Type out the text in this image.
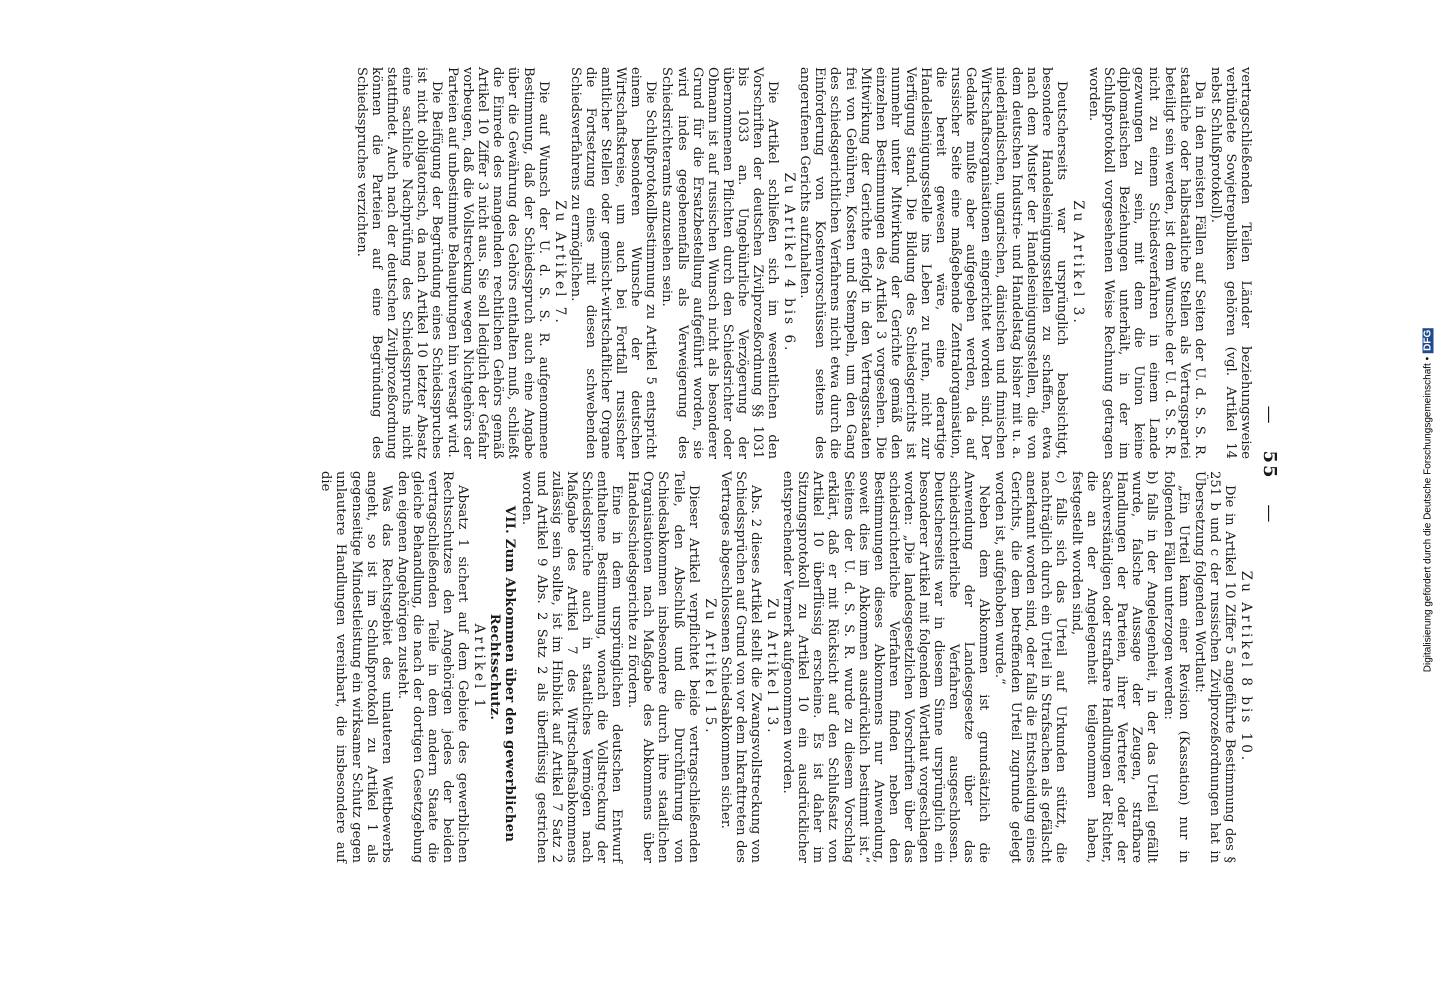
—   55   —

vertragschließenden Teilen Länder beziehungsweise verbündete Sowjetrepubliken gehören (vgl. Artikel 14 nebst Schlußprotokoll).

Da in den meisten Fällen auf Seiten der U. d. S. S. R. staatliche oder halbstaatliche Stellen als Vertragspartei beteiligt sein werden, ist dem Wunsche der U. d. S. S. R. nicht zu einem Schiedsverfahren in einem Lande gezwungen zu sein, mit dem die Union keine diplomatischen Beziehungen unterhält, in der im Schlußprotokoll vorgesehenen Weise Rechnung getragen worden.

Zu Artikel 3.

Deutscherseits war ursprünglich beabsichtigt, besondere Handelseinigungsstellen zu schaffen, etwa nach dem Muster der Handelseinigungsstellen, die von dem deutschen Industrie- und Handelstag bisher mit u. a. niederländischen, ungarischen, dänischen und finnischen Wirtschaftsorganisationen eingerichtet worden sind. Der Gedanke mußte aber aufgegeben werden, da auf russischer Seite eine maßgebende Zentralorganisation, die bereit gewesen wäre, eine derartige Handelseinigungsstelle ins Leben zu rufen, nicht zur Verfügung stand. Die Bildung des Schiedsgerichts ist nunmehr unter Mitwirkung der Gerichte gemäß den einzelnen Bestimmungen des Artikel 3 vorgesehen. Die Mitwirkung der Gerichte erfolgt in den Vertragsstaaten frei von Gebühren, Kosten und Stempeln, um den Gang des schiedsgerichtlichen Verfahrens nicht etwa durch die Einforderung von Kostenvorschüssen seitens des angerufenen Gerichts aufzuhalten.

Zu Artikel 4 bis 6.

Die Artikel schließen sich im wesentlichen den Vorschriften der deutschen Zivilprozeßordnung §§ 1031 bis 1033 an. Ungebührliche Verzögerung der übernommenen Pflichten durch den Schiedsrichter oder Obmann ist auf russischen Wunsch nicht als besonderer Grund für die Ersatzbestellung aufgeführt worden, sie wird indes gegebenenfalls als Verweigerung des Schiedsrichteramts anzusehen sein.

Die Schlußprotokollbestimmung zu Artikel 5 entspricht einem besonderen Wunsche der deutschen Wirtschaftskreise, um auch bei Fortfall russischer amtlicher Stellen oder gemischt-wirtschaftlicher Organe die Fortsetzung eines mit diesen schwebenden Schiedsverfahrens zu ermöglichen.

Zu Artikel 7.

Die auf Wunsch der U. d. S. S. R. aufgenommene Bestimmung, daß der Schiedsspruch auch eine Angabe über die Gewährung des Gehörs enthalten muß, schließt die Einrede des mangelnden rechtlichen Gehörs gemäß Artikel 10 Ziffer 3 nicht aus. Sie soll lediglich der Gefahr vorbeugen, daß die Vollstreckung wegen Nichtgehörs der Parteien auf unbestimmte Behauptungen hin versagt wird.

Die Beifügung der Begründung eines Schiedsspruches ist nicht obligatorisch, da nach Artikel 10 letzter Absatz eine sachliche Nachprüfung des Schiedsspruchs nicht stattfindet. Auch nach der deutschen Zivilprozeßordnung können die Parteien auf eine Begründung des Schiedsspruches verzichten.

Zu Artikel 8 bis 10.

Die in Artikel 10 Ziffer 5 angeführte Bestimmung des § 251 b und c der russischen Zivilprozeßordnungen hat in Übersetzung folgenden Wortlaut:

„Ein Urteil kann einer Revision (Kassation) nur in folgenden Fällen unterzogen werden:

b) falls in der Angelegenheit, in der das Urteil gefällt wurde, falsche Aussage der Zeugen, strafbare Handlungen der Parteien, ihrer Vertreter oder der Sachverständigen oder strafbare Handlungen der Richter, die an der Angelegenheit teilgenommen haben, festgestellt worden sind,

c) falls sich das Urteil auf Urkunden stützt, die nachträglich durch ein Urteil in Strafsachen als gefälscht anerkannt worden sind, oder falls die Entscheidung eines Gerichts, die dem betreffenden Urteil zugrunde gelegt worden ist, aufgehoben wurde.“

Neben dem Abkommen ist grundsätzlich die Anwendung der Landesgesetze über das schiedsrichterliche Verfahren ausgeschlossen. Deutscherseits war in diesem Sinne ursprünglich ein besonderer Artikel mit folgendem Wortlaut vorgeschlagen worden: „Die landesgesetzlichen Vorschriften über das schiedsrichterliche Verfahren finden neben den Bestimmungen dieses Abkommens nur Anwendung, soweit dies im Abkommen ausdrücklich bestimmt ist.“ Seitens der U. d. S. S. R. wurde zu diesem Vorschlag erklärt, daß er mit Rücksicht auf den Schlußsatz von Artikel 10 überflüssig erscheine. Es ist daher im Sitzungsprotokoll zu Artikel 10 ein ausdrücklicher entsprechender Vermerk aufgenommen worden.

Zu Artikel 13.

Abs. 2 dieses Artikel stellt die Zwangsvollstreckung von Schiedssprüchen auf Grund von vor dem Inkrafttreten des Vertrages abgeschlossenen Schiedsabkommen sicher.

Zu Artikel 15.

Dieser Artikel verpflichtet beide vertragschließenden Teile, den Abschluß und die Durchführung von Schiedsabkommen insbesondere durch ihre staatlichen Organisationen nach Maßgabe des Abkommens über Handelsschiedsgerichte zu fördern.

Eine in dem ursprünglichen deutschen Entwurf enthaltene Bestimmung, wonach die Vollstreckung der Schiedssprüche auch in staatliches Vermögen nach Maßgabe des Artikel 7 des Wirtschaftsabkommens zulässig sein sollte, ist im Hinblick auf Artikel 7 Satz 2 und Artikel 9 Abs. 2 Satz 2 als überflüssig gestrichen worden.

VII. Zum Abkommen über den gewerblichen Rechtsschutz.

Artikel 1

Absatz 1 sichert auf dem Gebiete des gewerblichen Rechtsschutzes den Angehörigen jedes der beiden vertragschließenden Teile in dem andern Staate die gleiche Behandlung, die nach der dortigen Gesetzgebung den eigenen Angehörigen zusteht.

Was das Rechtsgebiet des unlauteren Wettbewerbs angeht, so ist im Schlußprotokoll zu Artikel 1 als gegenseitige Mindestleistung ein wirksamer Schutz gegen unlautere Handlungen vereinbart, die insbesondere auf die	Digitalisierung gefördert durch die Deutsche Forschungsgemeinschaft •DFG
